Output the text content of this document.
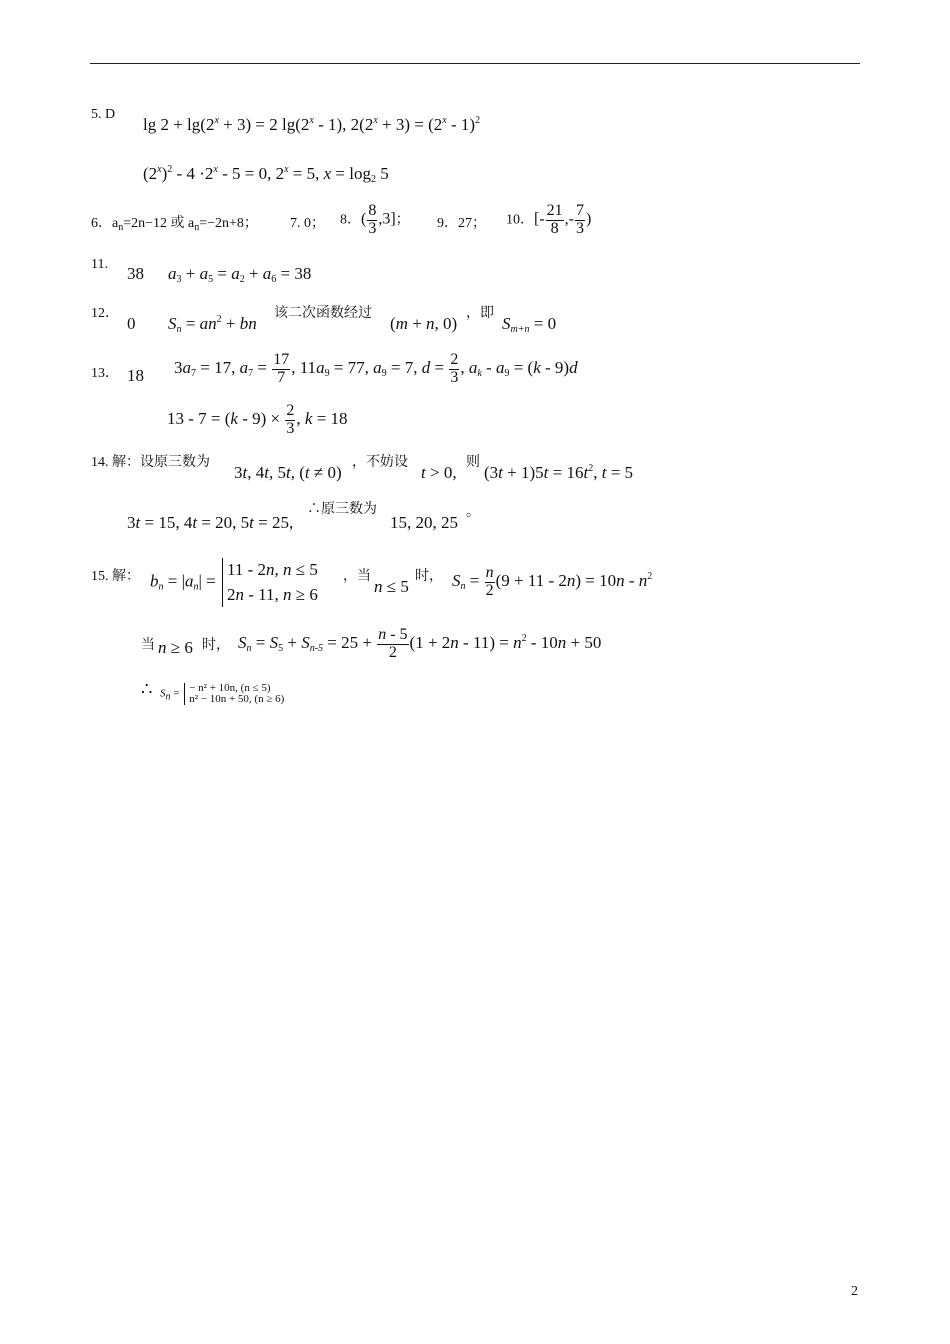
5. D
$\lg 2 + \lg(2^x + 3) = 2$ lg(2$^x$ - 1), $2(2^x + 3) = (2^x - 1)^2$
$(2^x)^2 - 4 \cdot 2^x - 5 = 0$, $2^x = 5$, $x = \log_2 5$
6．$a_n=2n-12$ 或 $a_n=-2n+8$； 7. 0； 8．( $\frac{8}{3} ,3$]； 9．27； 10．[- $\frac{21}{8}$ ,- $\frac{7}{3}$ )
11. 38 $a_3 + a_5 = a_2 + a_6 = 38$
12．
0 $S_n = an^2$ + bn
该二次函数经过
(m + n, 0)
，即
$S_{m+n} = 0$
13． 18 $3a_7 = 17$, $a_7 = \frac{17}{7}$ , $11a_9 = 77$, $a_9 = 7$, $d = \frac{2}{3}$ , $a_k - a_9 = (k - 9)d$
$13 - 7 = (k - 9) \times \frac{2}{3}$ , k = 18
14. 解：设原三数为
3t, 4t, 5t, (t ≠ 0)
，不妨设
t > 0,
则
$(3t + 1)5t = 16t^2$, t = 5
3t = 15, 4t = 20, 5t = 25,
∴原三数为
15, 20, 25
。
15. 解： $b_n = |a_n|$ =
11 - 2n, n ≤ 5
2n - 11, n ≥ 6
，当
n ≤ 5
时， $S_n = \frac{n}{2} (9 + 11 - 2n) = 10n - n^2$
当 n ≥ 6 时， $S_n = S_5 + S_{n-5} = 25 + \frac{n - 5}{2} (1 + 2n - 11) = n^2 - 10n + 50$
∴ $S_n$ = − n² + 10n, (n ≤ 5)
n² − 10n + 50, (n ≥ 6)
2
